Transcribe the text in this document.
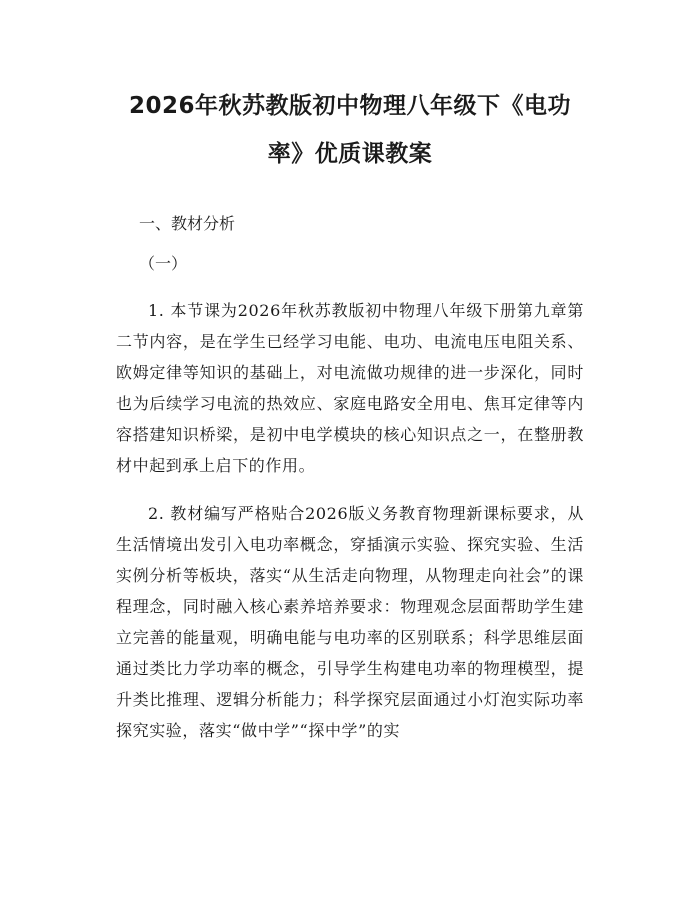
2026年秋苏教版初中物理八年级下《电功
率》优质课教案
一、教材分析
（一）

1. 本节课为2026年秋苏教版初中物理八年级下册第九章第二节内容，是在学生已经学习电能、电功、电流电压电阻关系、欧姆定律等知识的基础上，对电流做功规律的进一步深化，同时也为后续学习电流的热效应、家庭电路安全用电、焦耳定律等内容搭建知识桥梁，是初中电学模块的核心知识点之一，在整册教材中起到承上启下的作用。

2. 教材编写严格贴合2026版义务教育物理新课标要求，从生活情境出发引入电功率概念，穿插演示实验、探究实验、生活实例分析等板块，落实“从生活走向物理，从物理走向社会”的课程理念，同时融入核心素养培养要求：物理观念层面帮助学生建立完善的能量观，明确电能与电功率的区别联系；科学思维层面通过类比力学功率的概念，引导学生构建电功率的物理模型，提升类比推理、逻辑分析能力；科学探究层面通过小灯泡实际功率探究实验，落实“做中学”“探中学”的实
